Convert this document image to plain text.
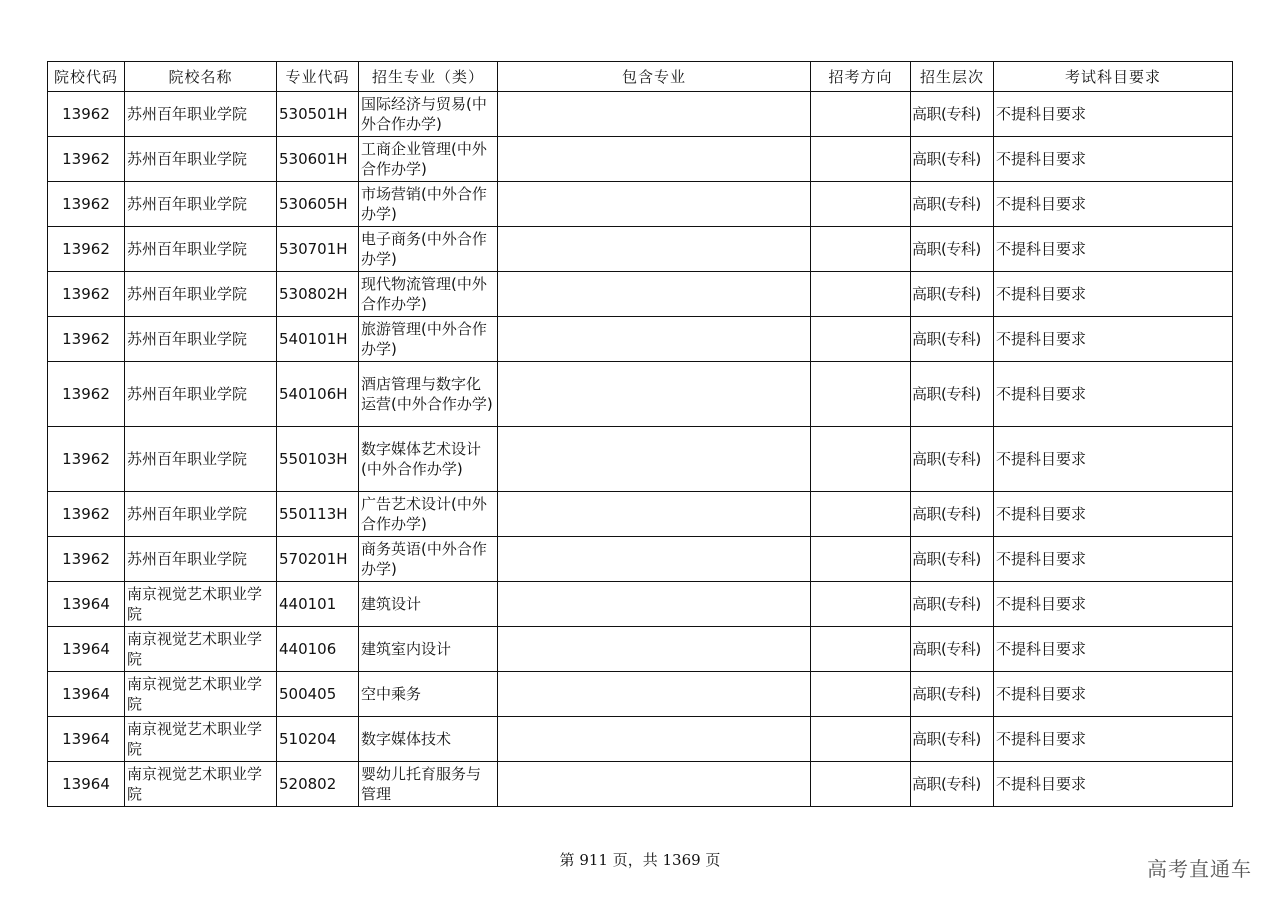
院校代码	院校名称	专业代码	招生专业（类）	包含专业	招考方向	招生层次	考试科目要求
13962	苏州百年职业学院	530501H	国际经济与贸易(中外合作办学)			高职(专科)	不提科目要求
13962	苏州百年职业学院	530601H	工商企业管理(中外合作办学)			高职(专科)	不提科目要求
13962	苏州百年职业学院	530605H	市场营销(中外合作办学)			高职(专科)	不提科目要求
13962	苏州百年职业学院	530701H	电子商务(中外合作办学)			高职(专科)	不提科目要求
13962	苏州百年职业学院	530802H	现代物流管理(中外合作办学)			高职(专科)	不提科目要求
13962	苏州百年职业学院	540101H	旅游管理(中外合作办学)			高职(专科)	不提科目要求
13962	苏州百年职业学院	540106H	酒店管理与数字化运营(中外合作办学)			高职(专科)	不提科目要求
13962	苏州百年职业学院	550103H	数字媒体艺术设计(中外合作办学)			高职(专科)	不提科目要求
13962	苏州百年职业学院	550113H	广告艺术设计(中外合作办学)			高职(专科)	不提科目要求
13962	苏州百年职业学院	570201H	商务英语(中外合作办学)			高职(专科)	不提科目要求
13964	南京视觉艺术职业学院	440101	建筑设计			高职(专科)	不提科目要求
13964	南京视觉艺术职业学院	440106	建筑室内设计			高职(专科)	不提科目要求
13964	南京视觉艺术职业学院	500405	空中乘务			高职(专科)	不提科目要求
13964	南京视觉艺术职业学院	510204	数字媒体技术			高职(专科)	不提科目要求
13964	南京视觉艺术职业学院	520802	婴幼儿托育服务与管理			高职(专科)	不提科目要求
第 911 页，共 1369 页	高考直通车
